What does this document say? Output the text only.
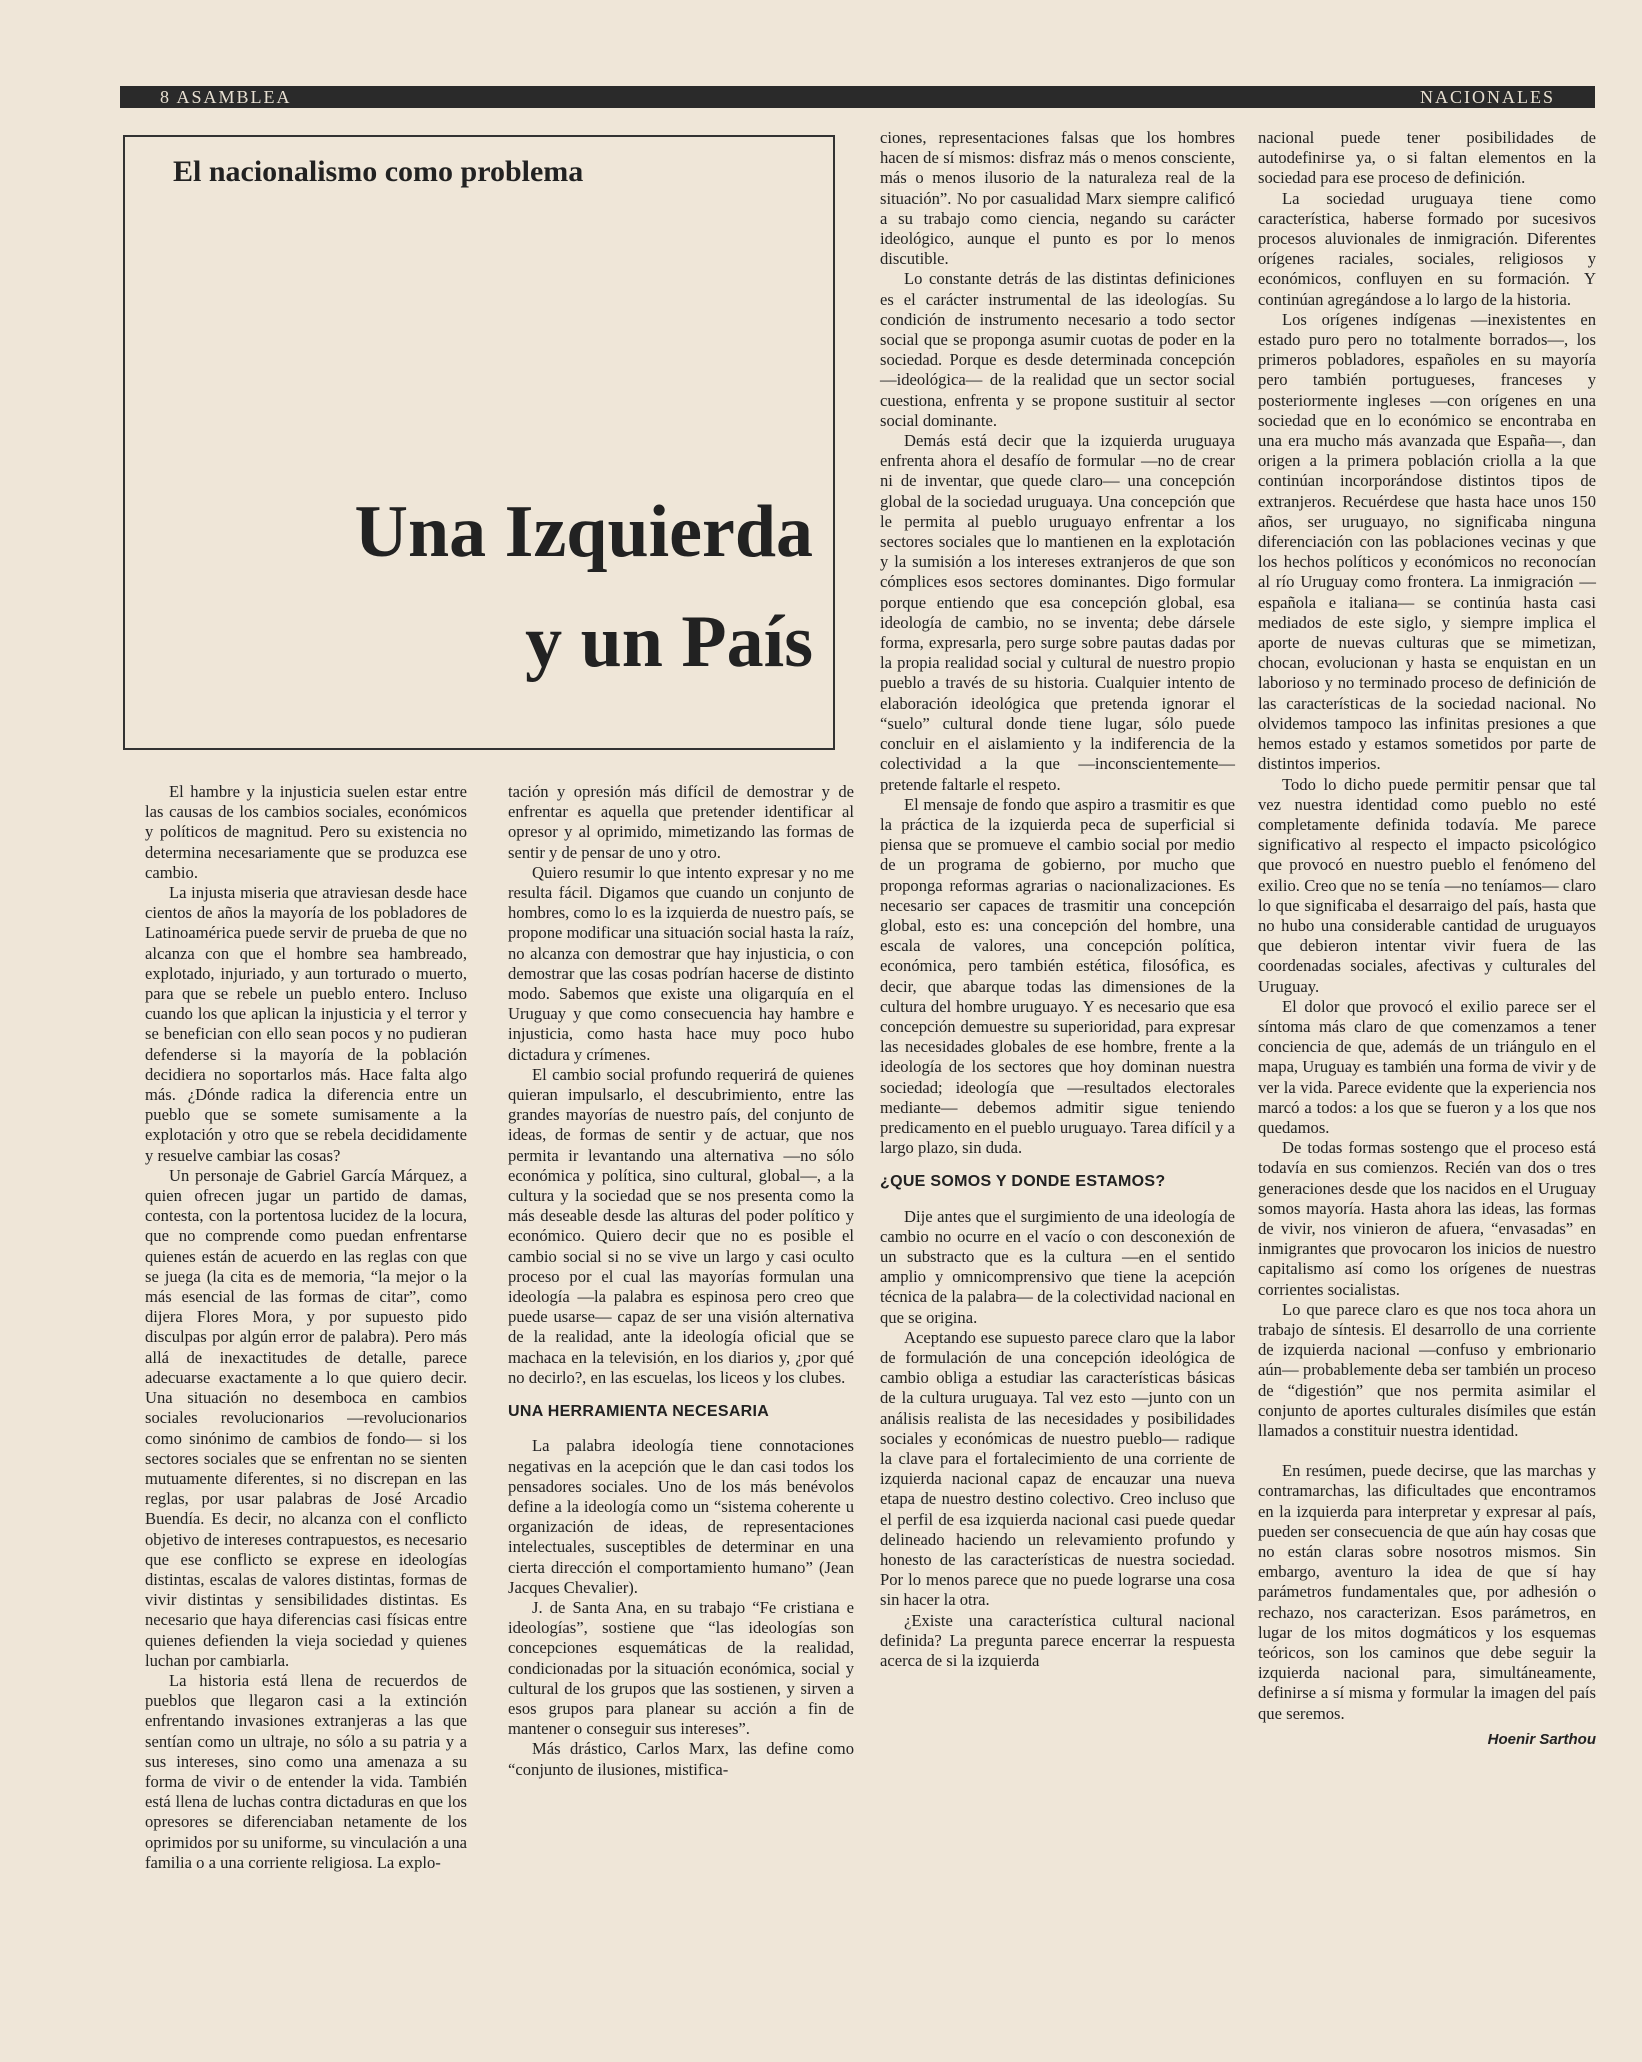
8 ASAMBLEA	NACIONALES
El nacionalismo como problema
Una Izquierda
y un País

El hambre y la injusticia suelen estar entre las causas de los cambios sociales, económicos y políticos de magnitud. Pero su existencia no determina necesariamente que se produzca ese cambio.

La injusta miseria que atraviesan desde hace cientos de años la mayoría de los pobladores de Latinoamérica puede servir de prueba de que no alcanza con que el hombre sea hambreado, explotado, injuriado, y aun torturado o muerto, para que se rebele un pueblo entero. Incluso cuando los que aplican la injusticia y el terror y se benefician con ello sean pocos y no pudieran defenderse si la mayoría de la población decidiera no soportarlos más. Hace falta algo más. ¿Dónde radica la diferencia entre un pueblo que se somete sumisamente a la explotación y otro que se rebela decididamente y resuelve cambiar las cosas?

Un personaje de Gabriel García Márquez, a quien ofrecen jugar un partido de damas, contesta, con la portentosa lucidez de la locura, que no comprende como puedan enfrentarse quienes están de acuerdo en las reglas con que se juega (la cita es de memoria, “la mejor o la más esencial de las formas de citar”, como dijera Flores Mora, y por supuesto pido disculpas por algún error de palabra). Pero más allá de inexactitudes de detalle, parece adecuarse exactamente a lo que quiero decir. Una situación no desemboca en cambios sociales revolucionarios —revolucionarios como sinónimo de cambios de fondo— si los sectores sociales que se enfrentan no se sienten mutuamente diferentes, si no discrepan en las reglas, por usar palabras de José Arcadio Buendía. Es decir, no alcanza con el conflicto objetivo de intereses contrapuestos, es necesario que ese conflicto se exprese en ideologías distintas, escalas de valores distintas, formas de vivir distintas y sensibilidades distintas. Es necesario que haya diferencias casi físicas entre quienes defienden la vieja sociedad y quienes luchan por cambiarla.

La historia está llena de recuerdos de pueblos que llegaron casi a la extinción enfrentando invasiones extranjeras a las que sentían como un ultraje, no sólo a su patria y a sus intereses, sino como una amenaza a su forma de vivir o de entender la vida. También está llena de luchas contra dictaduras en que los opresores se diferenciaban netamente de los oprimidos por su uniforme, su vinculación a una familia o a una corriente religiosa. La explo-

tación y opresión más difícil de demostrar y de enfrentar es aquella que pretender identificar al opresor y al oprimido, mimetizando las formas de sentir y de pensar de uno y otro.

Quiero resumir lo que intento expresar y no me resulta fácil. Digamos que cuando un conjunto de hombres, como lo es la izquierda de nuestro país, se propone modificar una situación social hasta la raíz, no alcanza con demostrar que hay injusticia, o con demostrar que las cosas podrían hacerse de distinto modo. Sabemos que existe una oligarquía en el Uruguay y que como consecuencia hay hambre e injusticia, como hasta hace muy poco hubo dictadura y crímenes.

El cambio social profundo requerirá de quienes quieran impulsarlo, el descubrimiento, entre las grandes mayorías de nuestro país, del conjunto de ideas, de formas de sentir y de actuar, que nos permita ir levantando una alternativa —no sólo económica y política, sino cultural, global—, a la cultura y la sociedad que se nos presenta como la más deseable desde las alturas del poder político y económico. Quiero decir que no es posible el cambio social si no se vive un largo y casi oculto proceso por el cual las mayorías formulan una ideología —la palabra es espinosa pero creo que puede usarse— capaz de ser una visión alternativa de la realidad, ante la ideología oficial que se machaca en la televisión, en los diarios y, ¿por qué no decirlo?, en las escuelas, los liceos y los clubes.

UNA HERRAMIENTA NECESARIA

La palabra ideología tiene connotaciones negativas en la acepción que le dan casi todos los pensadores sociales. Uno de los más benévolos define a la ideología como un “sistema coherente u organización de ideas, de representaciones intelectuales, susceptibles de determinar en una cierta dirección el comportamiento humano” (Jean Jacques Chevalier).

J. de Santa Ana, en su trabajo “Fe cristiana e ideologías”, sostiene que “las ideologías son concepciones esquemáticas de la realidad, condicionadas por la situación económica, social y cultural de los grupos que las sostienen, y sirven a esos grupos para planear su acción a fin de mantener o conseguir sus intereses”.

Más drástico, Carlos Marx, las define como “conjunto de ilusiones, mistifica-

ciones, representaciones falsas que los hombres hacen de sí mismos: disfraz más o menos consciente, más o menos ilusorio de la naturaleza real de la situación”. No por casualidad Marx siempre calificó a su trabajo como ciencia, negando su carácter ideológico, aunque el punto es por lo menos discutible.

Lo constante detrás de las distintas definiciones es el carácter instrumental de las ideologías. Su condición de instrumento necesario a todo sector social que se proponga asumir cuotas de poder en la sociedad. Porque es desde determinada concepción —ideológica— de la realidad que un sector social cuestiona, enfrenta y se propone sustituir al sector social dominante.

Demás está decir que la izquierda uruguaya enfrenta ahora el desafío de formular —no de crear ni de inventar, que quede claro— una concepción global de la sociedad uruguaya. Una concepción que le permita al pueblo uruguayo enfrentar a los sectores sociales que lo mantienen en la explotación y la sumisión a los intereses extranjeros de que son cómplices esos sectores dominantes. Digo formular porque entiendo que esa concepción global, esa ideología de cambio, no se inventa; debe dársele forma, expresarla, pero surge sobre pautas dadas por la propia realidad social y cultural de nuestro propio pueblo a través de su historia. Cualquier intento de elaboración ideológica que pretenda ignorar el “suelo” cultural donde tiene lugar, sólo puede concluir en el aislamiento y la indiferencia de la colectividad a la que —inconscientemente— pretende faltarle el respeto.

El mensaje de fondo que aspiro a trasmitir es que la práctica de la izquierda peca de superficial si piensa que se promueve el cambio social por medio de un programa de gobierno, por mucho que proponga reformas agrarias o nacionalizaciones. Es necesario ser capaces de trasmitir una concepción global, esto es: una concepción del hombre, una escala de valores, una concepción política, económica, pero también estética, filosófica, es decir, que abarque todas las dimensiones de la cultura del hombre uruguayo. Y es necesario que esa concepción demuestre su superioridad, para expresar las necesidades globales de ese hombre, frente a la ideología de los sectores que hoy dominan nuestra sociedad; ideología que —resultados electorales mediante— debemos admitir sigue teniendo predicamento en el pueblo uruguayo. Tarea difícil y a largo plazo, sin duda.

¿QUE SOMOS Y DONDE ESTAMOS?

Dije antes que el surgimiento de una ideología de cambio no ocurre en el vacío o con desconexión de un substracto que es la cultura —en el sentido amplio y omnicomprensivo que tiene la acepción técnica de la palabra— de la colectividad nacional en que se origina.

Aceptando ese supuesto parece claro que la labor de formulación de una concepción ideológica de cambio obliga a estudiar las características básicas de la cultura uruguaya. Tal vez esto —junto con un análisis realista de las necesidades y posibilidades sociales y económicas de nuestro pueblo— radique la clave para el fortalecimiento de una corriente de izquierda nacional capaz de encauzar una nueva etapa de nuestro destino colectivo. Creo incluso que el perfil de esa izquierda nacional casi puede quedar delineado haciendo un relevamiento profundo y honesto de las características de nuestra sociedad. Por lo menos parece que no puede lograrse una cosa sin hacer la otra.

¿Existe una característica cultural nacional definida? La pregunta parece encerrar la respuesta acerca de si la izquierda

nacional puede tener posibilidades de autodefinirse ya, o si faltan elementos en la sociedad para ese proceso de definición.

La sociedad uruguaya tiene como característica, haberse formado por sucesivos procesos aluvionales de inmigración. Diferentes orígenes raciales, sociales, religiosos y económicos, confluyen en su formación. Y continúan agregándose a lo largo de la historia.

Los orígenes indígenas —inexistentes en estado puro pero no totalmente borrados—, los primeros pobladores, españoles en su mayoría pero también portugueses, franceses y posteriormente ingleses —con orígenes en una sociedad que en lo económico se encontraba en una era mucho más avanzada que España—, dan origen a la primera población criolla a la que continúan incorporándose distintos tipos de extranjeros. Recuérdese que hasta hace unos 150 años, ser uruguayo, no significaba ninguna diferenciación con las poblaciones vecinas y que los hechos políticos y económicos no reconocían al río Uruguay como frontera. La inmigración —española e italiana— se continúa hasta casi mediados de este siglo, y siempre implica el aporte de nuevas culturas que se mimetizan, chocan, evolucionan y hasta se enquistan en un laborioso y no terminado proceso de definición de las características de la sociedad nacional. No olvidemos tampoco las infinitas presiones a que hemos estado y estamos sometidos por parte de distintos imperios.

Todo lo dicho puede permitir pensar que tal vez nuestra identidad como pueblo no esté completamente definida todavía. Me parece significativo al respecto el impacto psicológico que provocó en nuestro pueblo el fenómeno del exilio. Creo que no se tenía —no teníamos— claro lo que significaba el desarraigo del país, hasta que no hubo una considerable cantidad de uruguayos que debieron intentar vivir fuera de las coordenadas sociales, afectivas y culturales del Uruguay.

El dolor que provocó el exilio parece ser el síntoma más claro de que comenzamos a tener conciencia de que, además de un triángulo en el mapa, Uruguay es también una forma de vivir y de ver la vida. Parece evidente que la experiencia nos marcó a todos: a los que se fueron y a los que nos quedamos.

De todas formas sostengo que el proceso está todavía en sus comienzos. Recién van dos o tres generaciones desde que los nacidos en el Uruguay somos mayoría. Hasta ahora las ideas, las formas de vivir, nos vinieron de afuera, “envasadas” en inmigrantes que provocaron los inicios de nuestro capitalismo así como los orígenes de nuestras corrientes socialistas.

Lo que parece claro es que nos toca ahora un trabajo de síntesis. El desarrollo de una corriente de izquierda nacional —confuso y embrionario aún— probablemente deba ser también un proceso de “digestión” que nos permita asimilar el conjunto de aportes culturales disímiles que están llamados a constituir nuestra identidad.

En resúmen, puede decirse, que las marchas y contramarchas, las dificultades que encontramos en la izquierda para interpretar y expresar al país, pueden ser consecuencia de que aún hay cosas que no están claras sobre nosotros mismos. Sin embargo, aventuro la idea de que sí hay parámetros fundamentales que, por adhesión o rechazo, nos caracterizan. Esos parámetros, en lugar de los mitos dogmáticos y los esquemas teóricos, son los caminos que debe seguir la izquierda nacional para, simultáneamente, definirse a sí misma y formular la imagen del país que seremos.

Hoenir Sarthou
